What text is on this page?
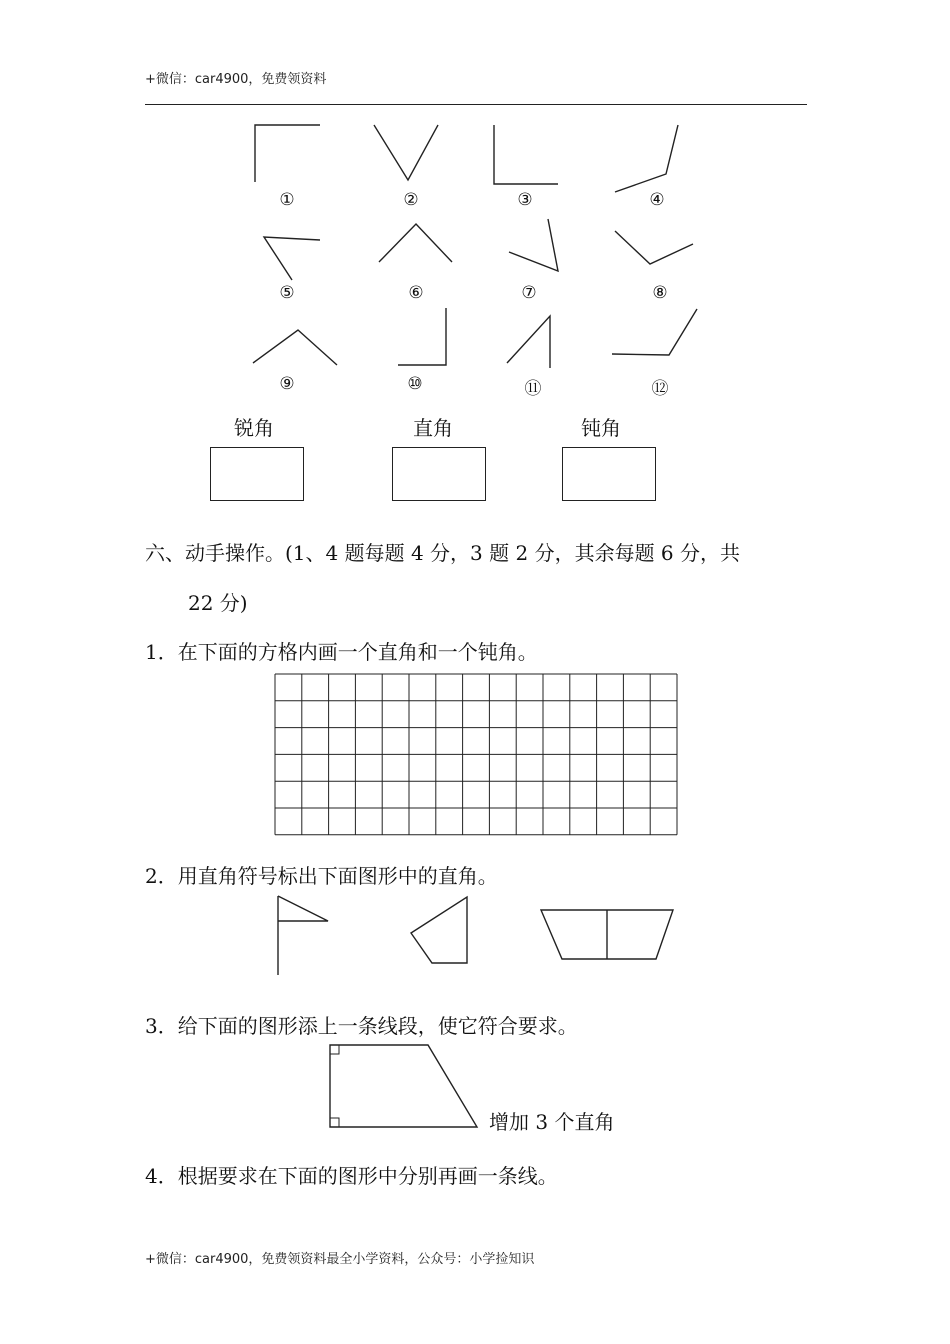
+微信：car4900，免费领资料
①	②	③	④
⑤	⑥	⑦	⑧
⑨	⑩	⑪	⑫
锐角	直角	钝角
六、动手操作。(1、4 题每题 4 分，3 题 2 分，其余每题 6 分，共
22 分)
1．在下面的方格内画一个直角和一个钝角。
2．用直角符号标出下面图形中的直角。
3．给下面的图形添上一条线段，使它符合要求。
增加 3 个直角
4．根据要求在下面的图形中分别再画一条线。
+微信：car4900，免费领资料最全小学资料，公众号：小学捡知识
